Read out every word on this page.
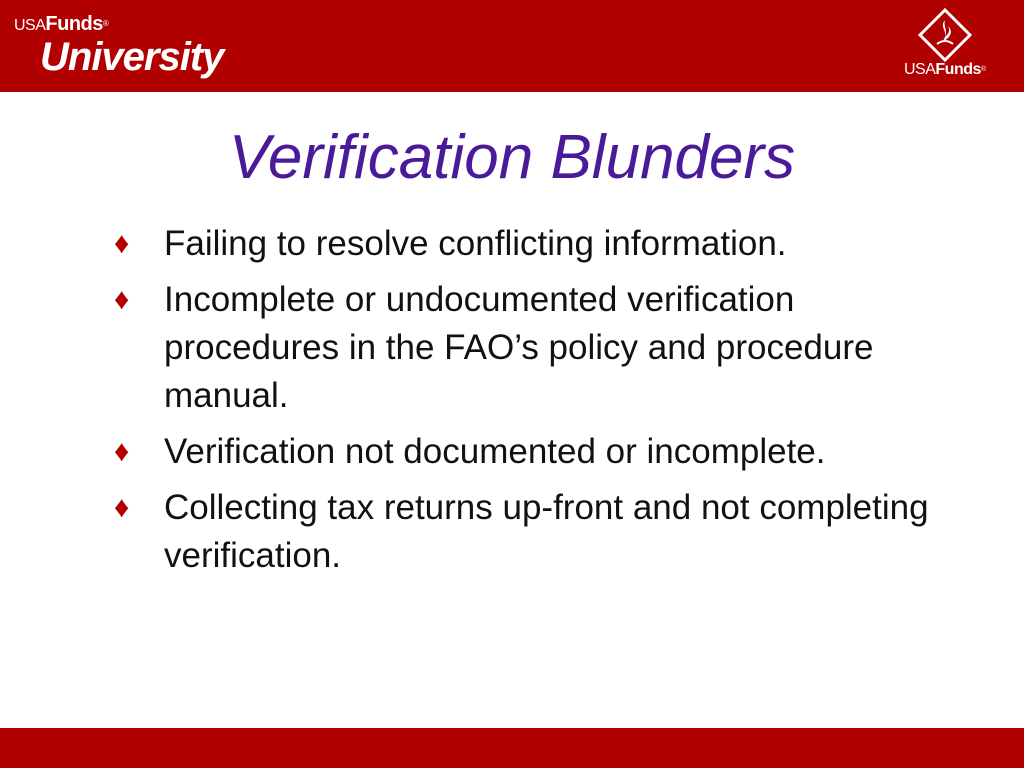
USAFunds®
University	USAFunds®
Verification Blunders
♦ Failing to resolve conflicting information.
♦ Incomplete or undocumented verification procedures in the FAO’s policy and procedure manual.
♦ Verification not documented or incomplete.
♦ Collecting tax returns up-front and not completing verification.
